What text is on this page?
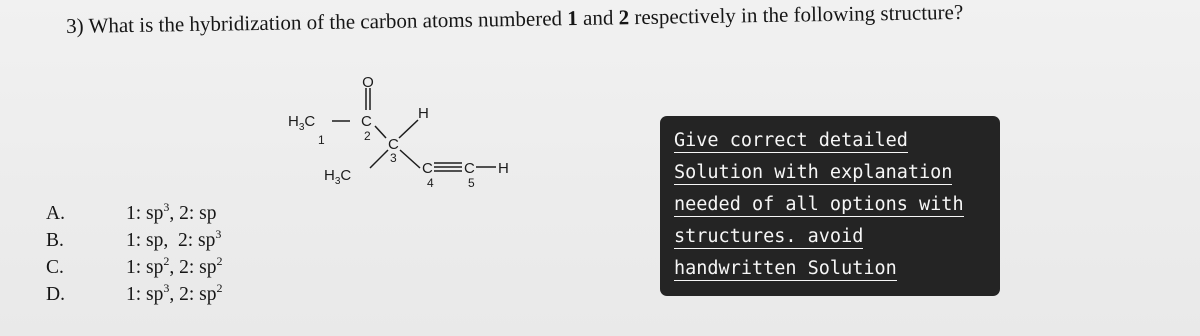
3) What is the hybridization of the carbon atoms numbered 1 and 2 respectively in the following structure?
O
$H_3C$
1
C
2 C
3
H
$H_3C$	C
4
C
5
H
A.	1: $sp^3$, 2: sp
B.	1: sp,  2: $sp^3$
C.	1: $sp^2$, 2: $sp^2$
D.	1: $sp^3$, 2: $sp^2$
Give correct detailed
Solution with explanation
needed of all options with
structures. avoid
handwritten Solution
